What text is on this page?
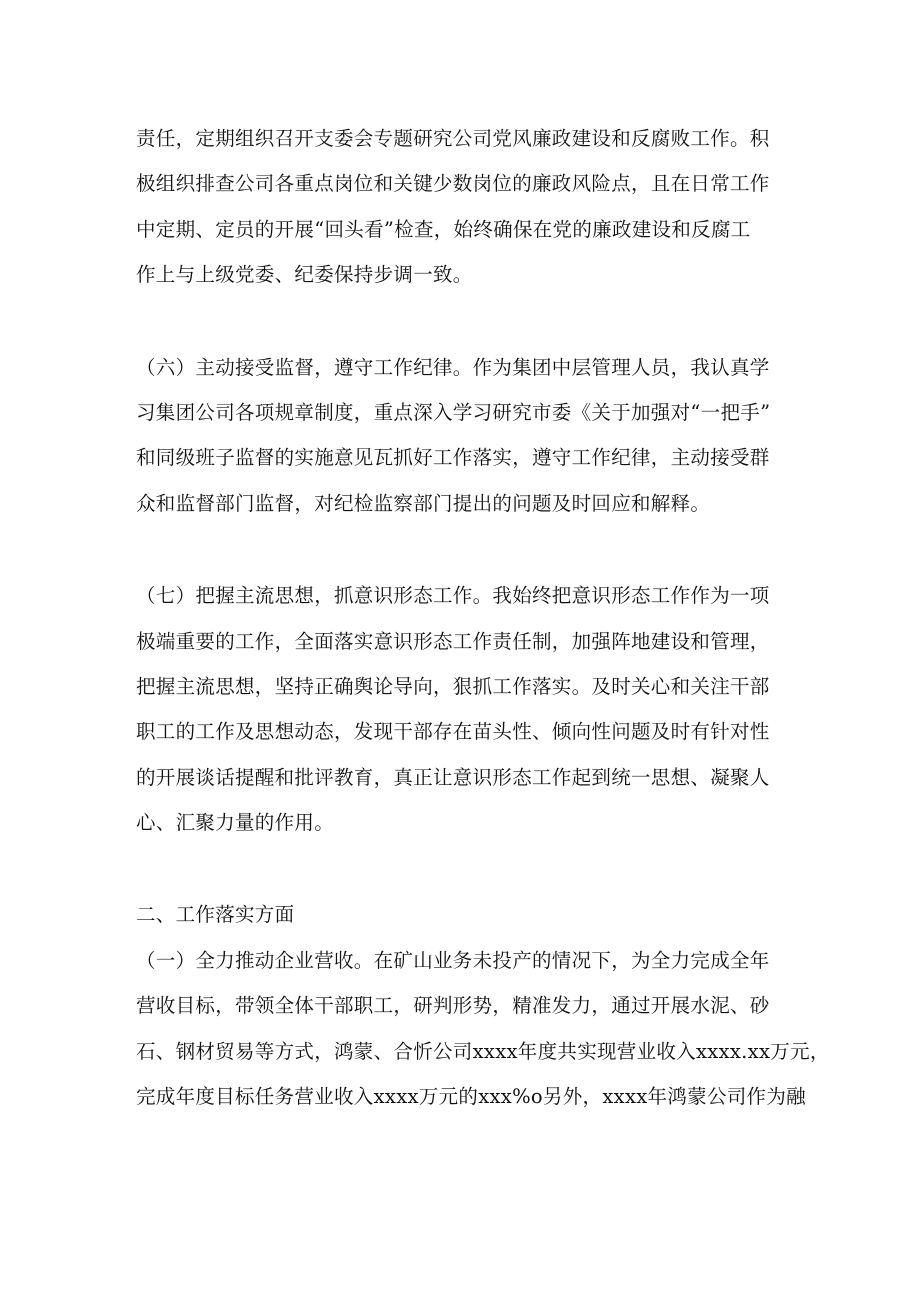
责任，定期组织召开支委会专题研究公司党风廉政建设和反腐败工作。积
极组织排查公司各重点岗位和关键少数岗位的廉政风险点，且在日常工作
中定期、定员的开展“回头看”检查，始终确保在党的廉政建设和反腐工
作上与上级党委、纪委保持步调一致。

（六）主动接受监督，遵守工作纪律。作为集团中层管理人员，我认真学
习集团公司各项规章制度，重点深入学习研究市委《关于加强对“一把手”
和同级班子监督的实施意见瓦抓好工作落实，遵守工作纪律，主动接受群
众和监督部门监督，对纪检监察部门提出的问题及时回应和解释。

（七）把握主流思想，抓意识形态工作。我始终把意识形态工作作为一项
极端重要的工作，全面落实意识形态工作责任制，加强阵地建设和管理，
把握主流思想，坚持正确舆论导向，狠抓工作落实。及时关心和关注干部
职工的工作及思想动态，发现干部存在苗头性、倾向性问题及时有针对性
的开展谈话提醒和批评教育，真正让意识形态工作起到统一思想、凝聚人
心、汇聚力量的作用。

二、工作落实方面

（一）全力推动企业营收。在矿山业务未投产的情况下，为全力完成全年
营收目标，带领全体干部职工，研判形势，精准发力，通过开展水泥、砂
石、钢材贸易等方式，鸿蒙、合忻公司xxxx年度共实现营业收入xxxx.xx万元，
完成年度目标任务营业收入xxxx万元的xxx%o另外，xxxx年鸿蒙公司作为融
